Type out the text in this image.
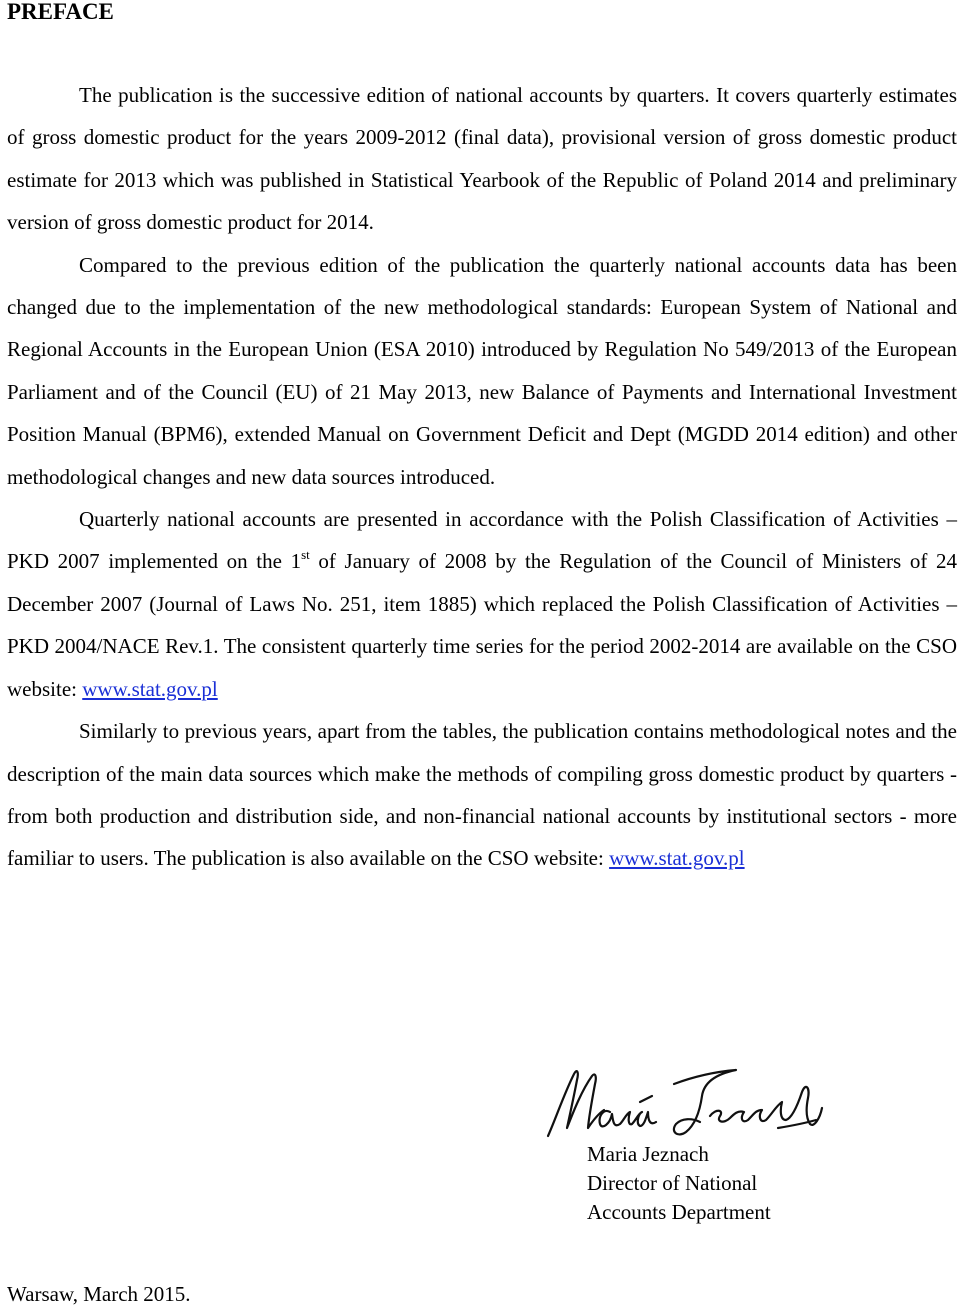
PREFACE

The publication is the successive edition of national accounts by quarters. It covers quarterly estimates of gross domestic product for the years 2009-2012 (final data), provisional version of gross domestic product estimate for 2013 which was published in Statistical Yearbook of the Republic of Poland 2014 and preliminary version of gross domestic product for 2014.

Compared to the previous edition of the publication the quarterly national accounts data has been changed due to the implementation of the new methodological standards: European System of National and Regional Accounts in the European Union (ESA 2010) introduced by Regulation No 549/2013 of the European Parliament and of the Council (EU) of 21 May 2013, new Balance of Payments and International Investment Position Manual (BPM6), extended Manual on Government Deficit and Dept (MGDD 2014 edition) and other methodological changes and new data sources introduced.

Quarterly national accounts are presented in accordance with the Polish Classification of Activities – PKD 2007 implemented on the 1st of January of 2008 by the Regulation of the Council of Ministers of 24 December 2007 (Journal of Laws No. 251, item 1885) which replaced the Polish Classification of Activities – PKD 2004/NACE Rev.1. The consistent quarterly time series for the period 2002-2014 are available on the CSO website: www.stat.gov.pl

Similarly to previous years, apart from the tables, the publication contains methodological notes and the description of the main data sources which make the methods of compiling gross domestic product by quarters - from both production and distribution side, and non-financial national accounts by institutional sectors - more familiar to users. The publication is also available on the CSO website: www.stat.gov.pl

Maria Jeznach
Director of National
Accounts Department
Warsaw, March 2015.
